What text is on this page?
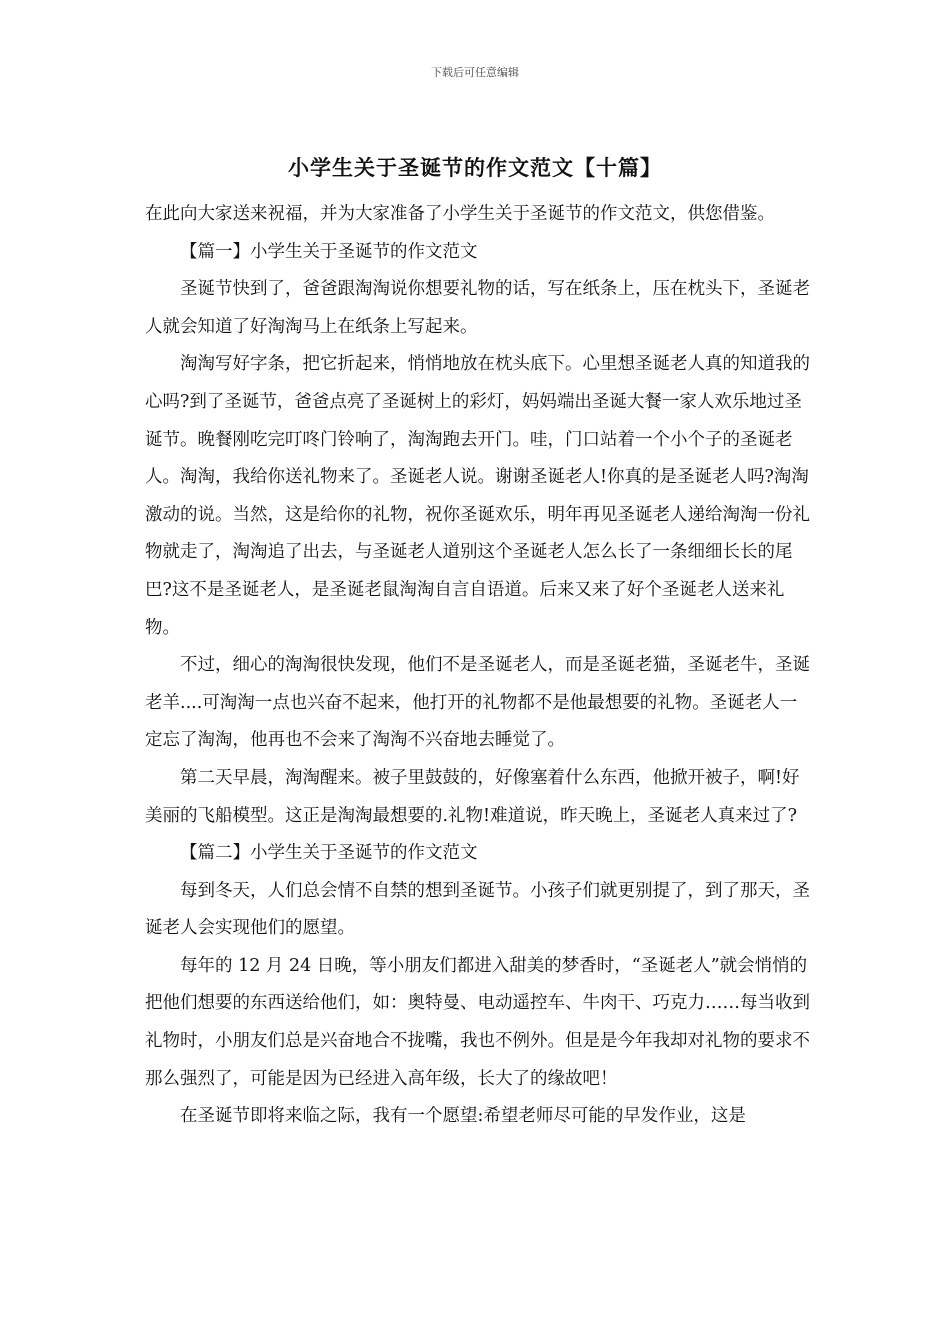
下载后可任意编辑
小学生关于圣诞节的作文范文【十篇】

在此向大家送来祝福，并为大家准备了小学生关于圣诞节的作文范文，供您借鉴。

【篇一】小学生关于圣诞节的作文范文

圣诞节快到了，爸爸跟淘淘说你想要礼物的话，写在纸条上，压在枕头下，圣诞老人就会知道了好淘淘马上在纸条上写起来。

淘淘写好字条，把它折起来，悄悄地放在枕头底下。心里想圣诞老人真的知道我的心吗?到了圣诞节，爸爸点亮了圣诞树上的彩灯，妈妈端出圣诞大餐一家人欢乐地过圣诞节。晚餐刚吃完叮咚门铃响了，淘淘跑去开门。哇，门口站着一个小个子的圣诞老人。淘淘，我给你送礼物来了。圣诞老人说。谢谢圣诞老人!你真的是圣诞老人吗?淘淘激动的说。当然，这是给你的礼物，祝你圣诞欢乐，明年再见圣诞老人递给淘淘一份礼物就走了，淘淘追了出去，与圣诞老人道别这个圣诞老人怎么长了一条细细长长的尾巴?这不是圣诞老人，是圣诞老鼠淘淘自言自语道。后来又来了好个圣诞老人送来礼物。

不过，细心的淘淘很快发现，他们不是圣诞老人，而是圣诞老猫，圣诞老牛，圣诞老羊....可淘淘一点也兴奋不起来，他打开的礼物都不是他最想要的礼物。圣诞老人一定忘了淘淘，他再也不会来了淘淘不兴奋地去睡觉了。

第二天早晨，淘淘醒来。被子里鼓鼓的，好像塞着什么东西，他掀开被子，啊!好美丽的飞船模型。这正是淘淘最想要的.礼物!难道说，昨天晚上，圣诞老人真来过了?

【篇二】小学生关于圣诞节的作文范文

每到冬天，人们总会情不自禁的想到圣诞节。小孩子们就更别提了，到了那天，圣诞老人会实现他们的愿望。

每年的 12 月 24 日晚，等小朋友们都进入甜美的梦香时，“圣诞老人”就会悄悄的把他们想要的东西送给他们，如：奥特曼、电动遥控车、牛肉干、巧克力……每当收到礼物时，小朋友们总是兴奋地合不拢嘴，我也不例外。但是是今年我却对礼物的要求不那么强烈了，可能是因为已经进入高年级，长大了的缘故吧！

在圣诞节即将来临之际，我有一个愿望:希望老师尽可能的早发作业，这是
